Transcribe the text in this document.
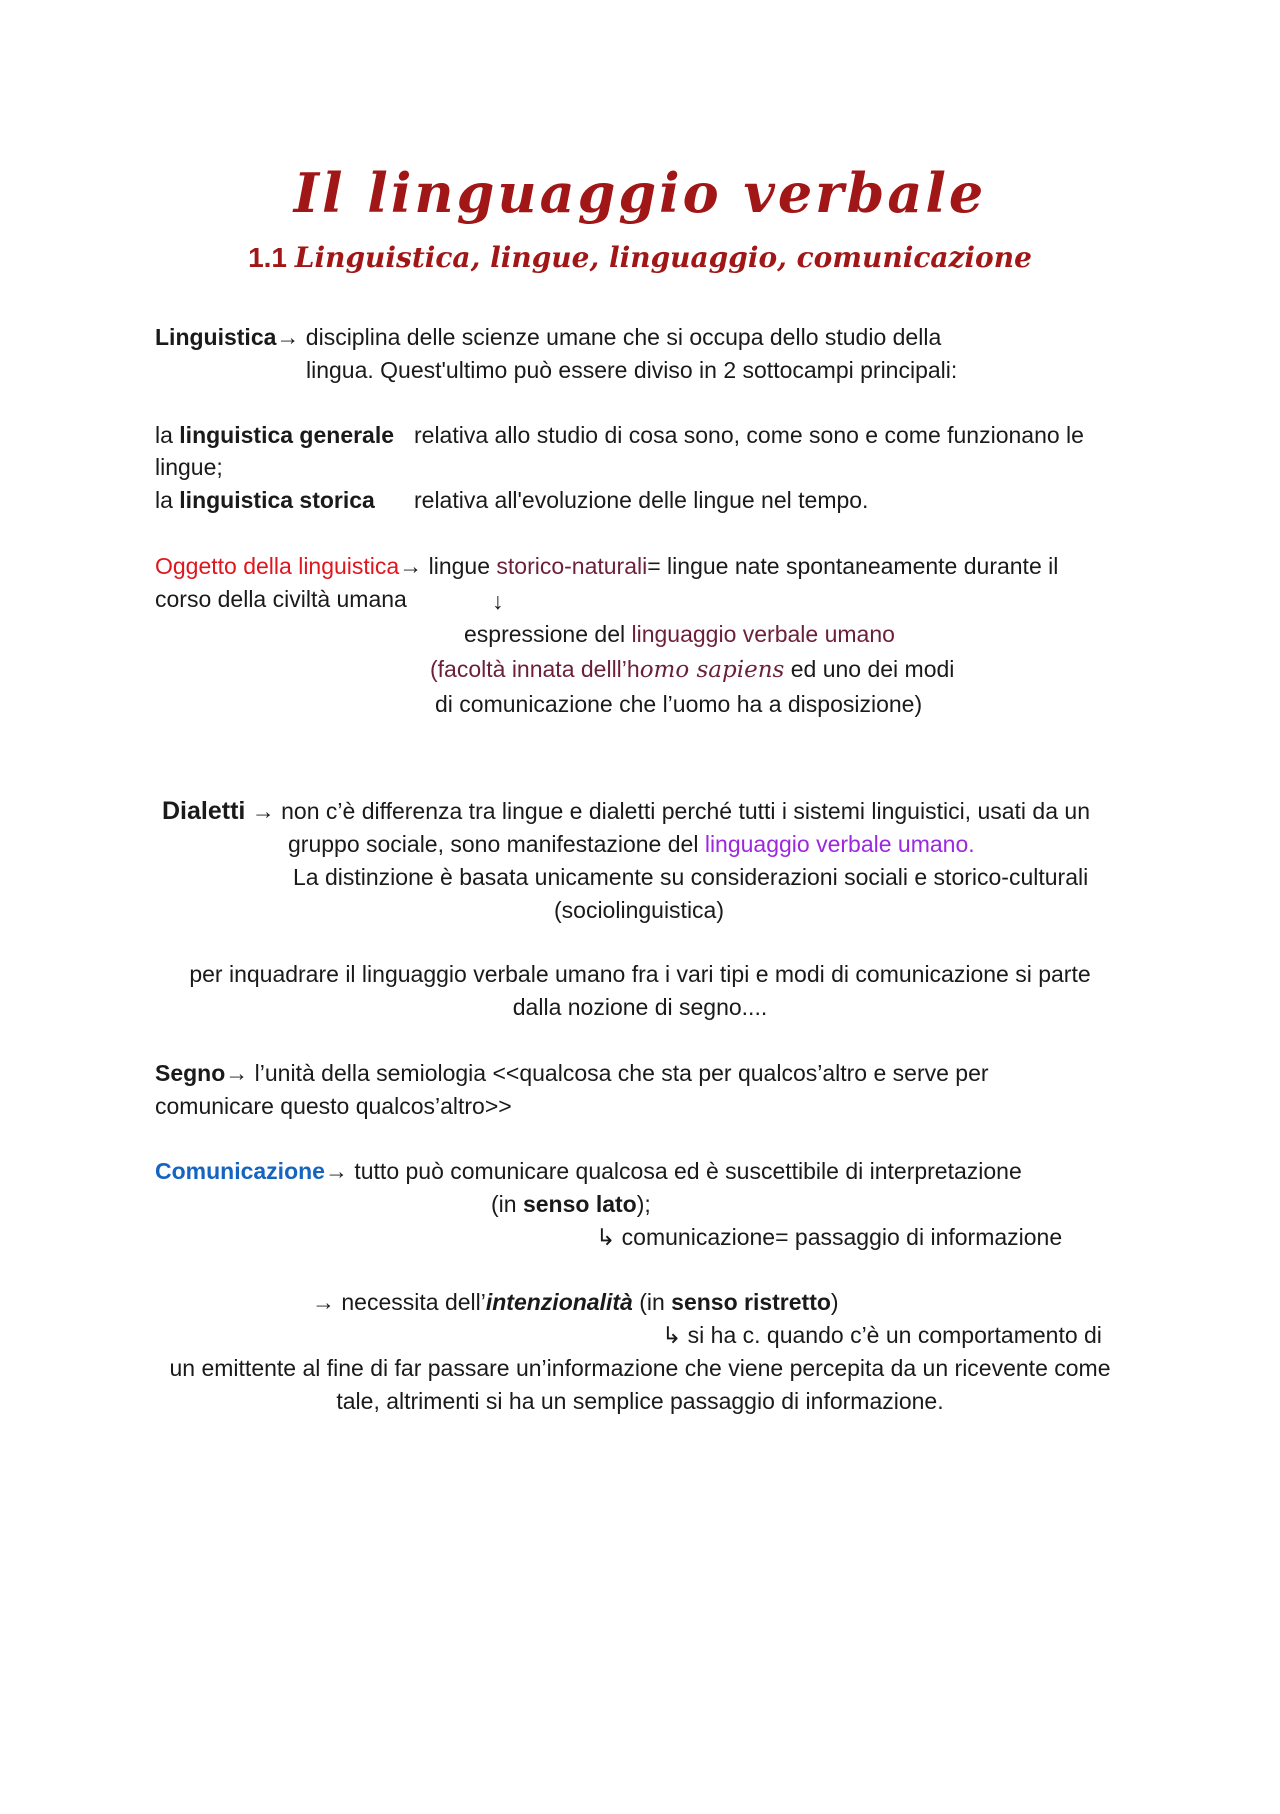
Il linguaggio verbale
1.1 Linguistica, lingue, linguaggio, comunicazione
Linguistica→ disciplina delle scienze umane che si occupa dello studio della
lingua. Quest'ultimo può essere diviso in 2 sottocampi principali:
la linguistica generale relativa allo studio di cosa sono, come sono e come funzionano le
lingue;
la linguistica storica relativa all'evoluzione delle lingue nel tempo.
Oggetto della linguistica→ lingue storico-naturali= lingue nate spontaneamente durante il
corso della civiltà umana	↓
espressione del linguaggio verbale umano
(facoltà innata delll’homo sapiens ed uno dei modi
di comunicazione che l’uomo ha a disposizione)
Dialetti → non c’è differenza tra lingue e dialetti perché tutti i sistemi linguistici, usati da un
gruppo sociale, sono manifestazione del linguaggio verbale umano.
La distinzione è basata unicamente su considerazioni sociali e storico-culturali
(sociolinguistica)
per inquadrare il linguaggio verbale umano fra i vari tipi e modi di comunicazione si parte
dalla nozione di segno....
Segno→ l’unità della semiologia <<qualcosa che sta per qualcos’altro e serve per
comunicare questo qualcos’altro>>
Comunicazione→ tutto può comunicare qualcosa ed è suscettibile di interpretazione
(in senso lato);
↳ comunicazione= passaggio di informazione
→ necessita dell’intenzionalità (in senso ristretto)
↳ si ha c. quando c’è un comportamento di
un emittente al fine di far passare un’informazione che viene percepita da un ricevente come
tale, altrimenti si ha un semplice passaggio di informazione.
